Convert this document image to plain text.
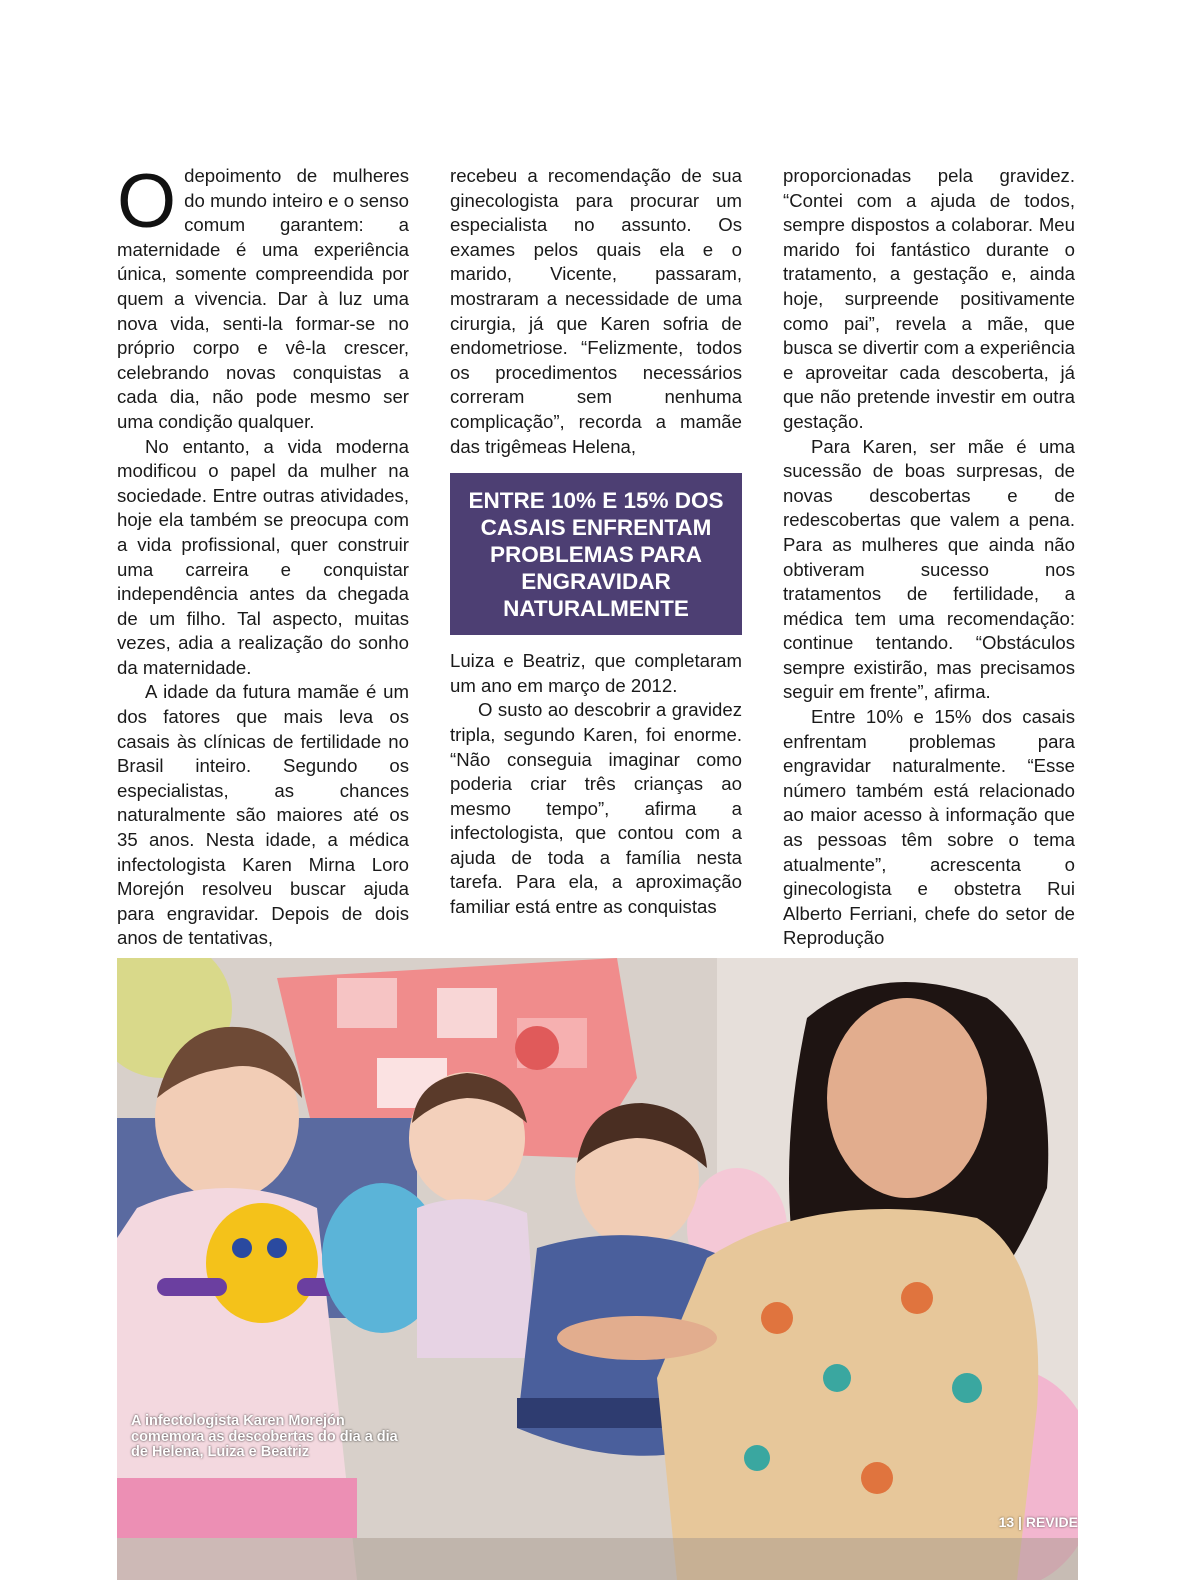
Odepoimento de mulheres do mundo inteiro e o senso comum garantem: a maternidade é uma experiência única, somente compreendida por quem a vivencia. Dar à luz uma nova vida, senti-la formar-se no próprio corpo e vê-la crescer, celebrando novas conquistas a cada dia, não pode mesmo ser uma condição qualquer.

No entanto, a vida moderna modificou o papel da mulher na sociedade. Entre outras atividades, hoje ela também se preocupa com a vida profissional, quer construir uma carreira e conquistar independência antes da chegada de um filho. Tal aspecto, muitas vezes, adia a realização do sonho da maternidade.

A idade da futura mamãe é um dos fatores que mais leva os casais às clínicas de fertilidade no Brasil inteiro. Segundo os especialistas, as chances naturalmente são maiores até os 35 anos. Nesta idade, a médica infectologista Karen Mirna Loro Morejón resolveu buscar ajuda para engravidar. Depois de dois anos de tentativas,

recebeu a recomendação de sua ginecologista para procurar um especialista no assunto. Os exames pelos quais ela e o marido, Vicente, passaram, mostraram a necessidade de uma cirurgia, já que Karen sofria de endometriose. “Felizmente, todos os procedimentos necessários correram sem nenhuma complicação”, recorda a mamãe das trigêmeas Helena,

ENTRE 10% E 15% DOS CASAIS ENFRENTAM PROBLEMAS PARA ENGRAVIDAR NATURALMENTE

Luiza e Beatriz, que completaram um ano em março de 2012.

O susto ao descobrir a gravidez tripla, segundo Karen, foi enorme. “Não conseguia imaginar como poderia criar três crianças ao mesmo tempo”, afirma a infectologista, que contou com a ajuda de toda a família nesta tarefa. Para ela, a aproximação familiar está entre as conquistas

proporcionadas pela gravidez. “Contei com a ajuda de todos, sempre dispostos a colaborar. Meu marido foi fantástico durante o tratamento, a gestação e, ainda hoje, surpreende positivamente como pai”, revela a mãe, que busca se divertir com a experiência e aproveitar cada descoberta, já que não pretende investir em outra gestação.

Para Karen, ser mãe é uma sucessão de boas surpresas, de novas descobertas e de redescobertas que valem a pena. Para as mulheres que ainda não obtiveram sucesso nos tratamentos de fertilidade, a médica tem uma recomendação: continue tentando. “Obstáculos sempre existirão, mas precisamos seguir em frente”, afirma.

Entre 10% e 15% dos casais enfrentam problemas para engravidar naturalmente. “Esse número também está relacionado ao maior acesso à informação que as pessoas têm sobre o tema atualmente”, acrescenta o ginecologista e obstetra Rui Alberto Ferriani, chefe do setor de Reprodução

A infectologista Karen Morejón comemora as descobertas do dia a dia de Helena, Luiza e Beatriz
13 | REVIDE
